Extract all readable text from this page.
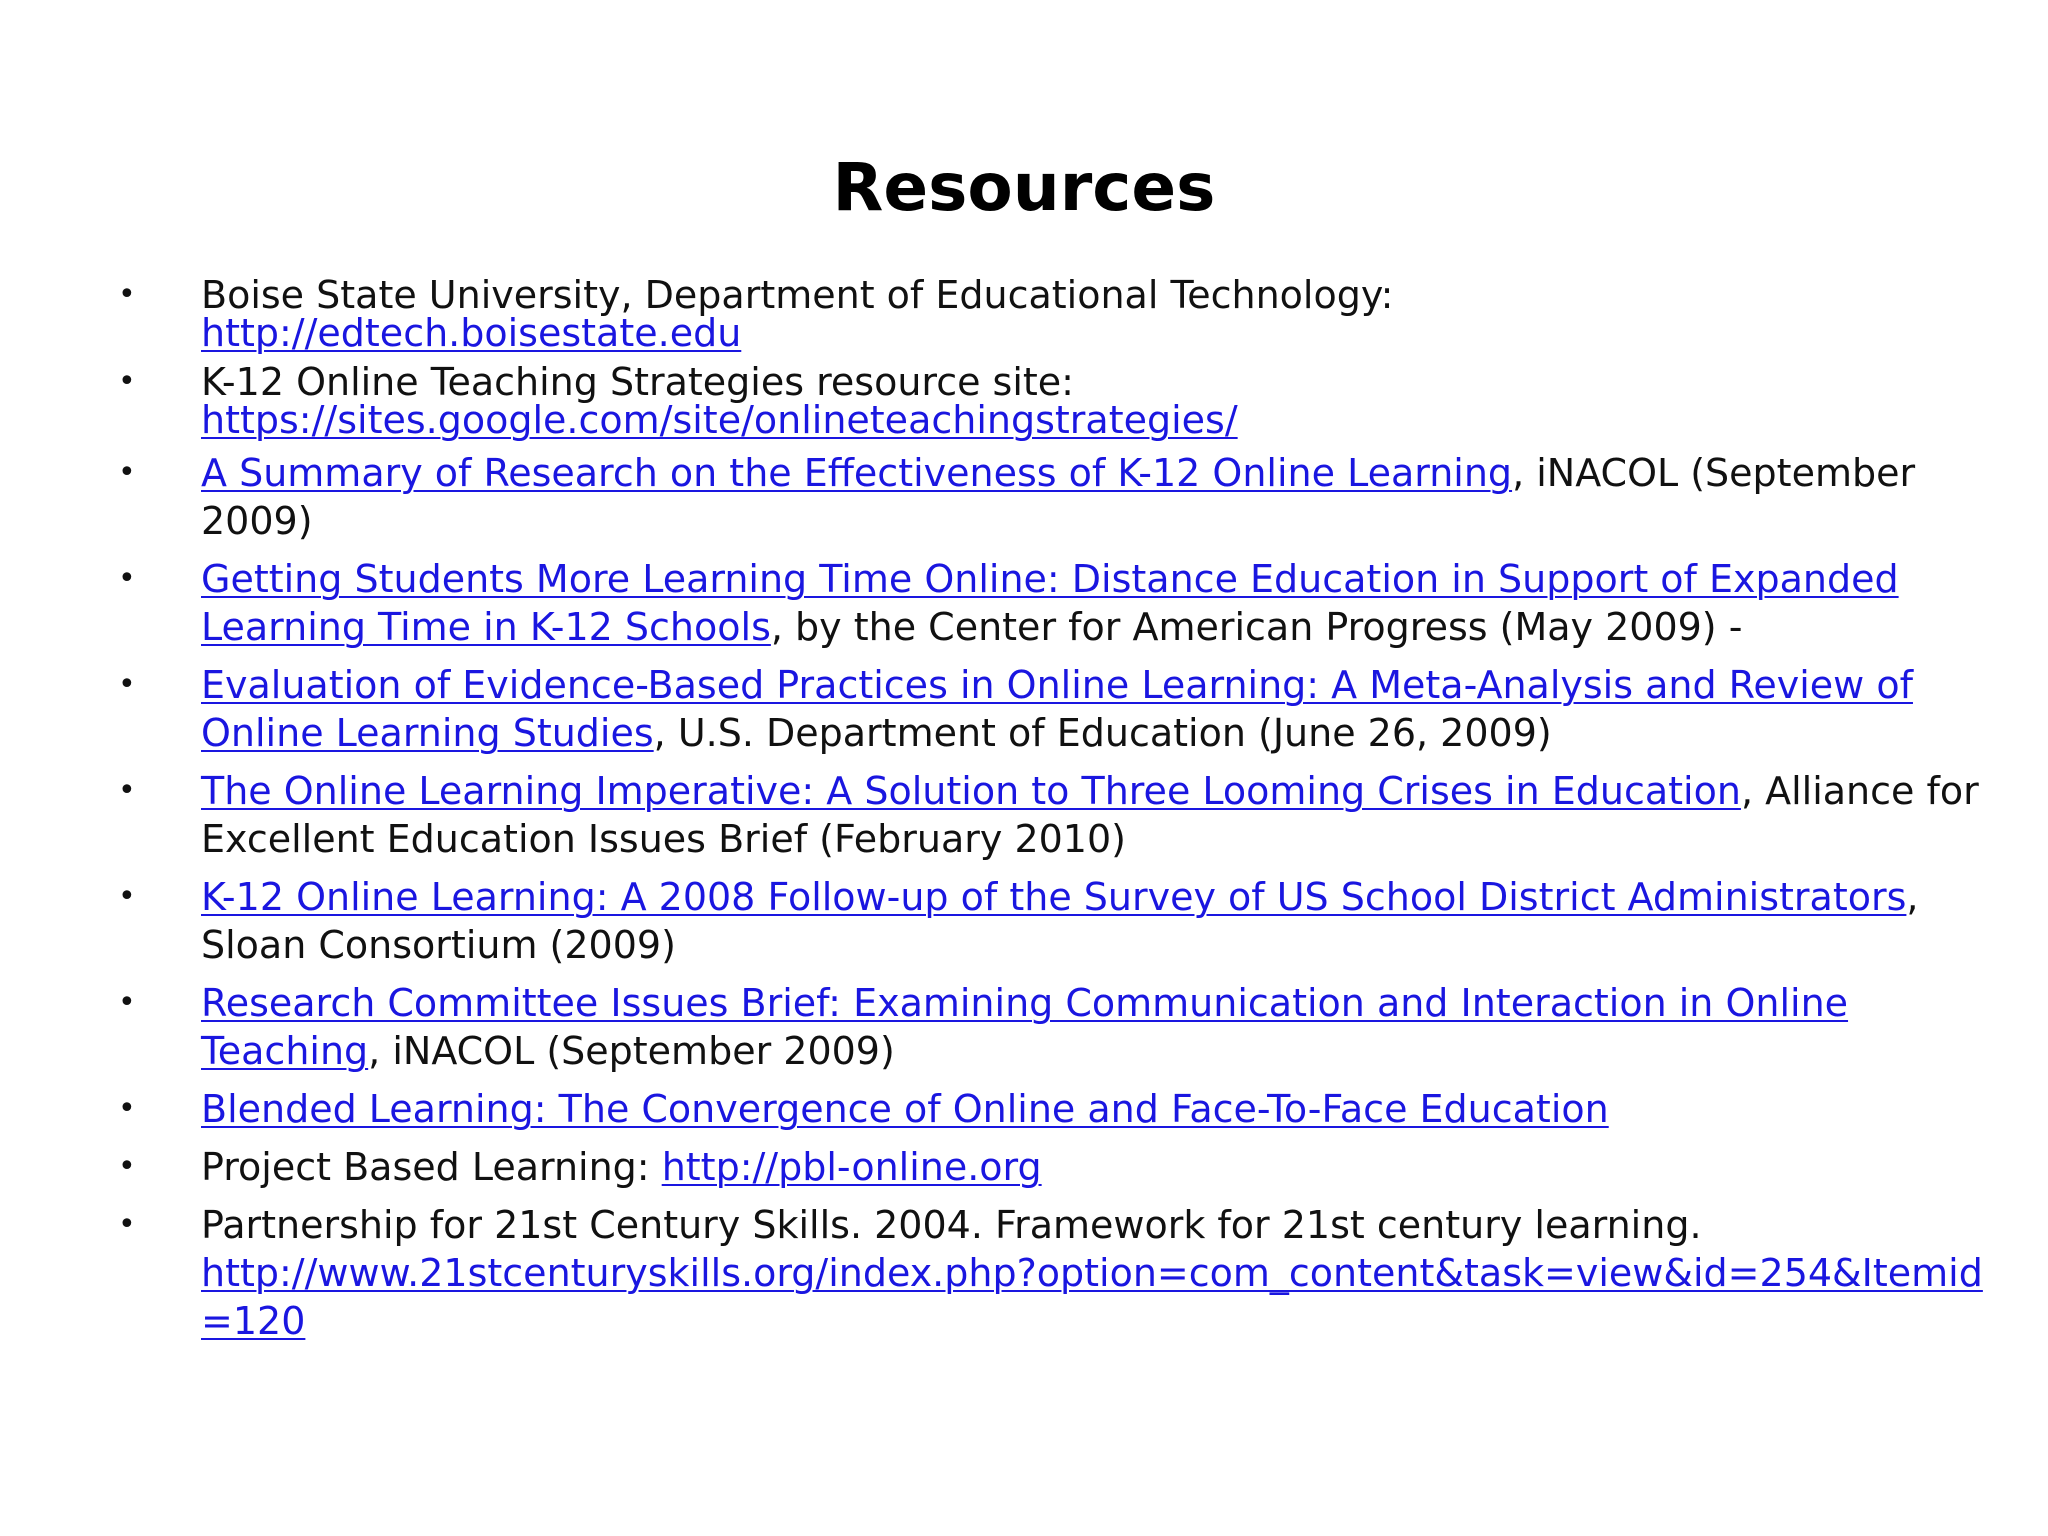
Resources
•	Boise State University, Department of Educational Technology:
http://edtech.boisestate.edu
•	K-12 Online Teaching Strategies resource site:
https://sites.google.com/site/onlineteachingstrategies/
•	A Summary of Research on the Effectiveness of K-12 Online Learning, iNACOL (September 2009)
•	Getting Students More Learning Time Online: Distance Education in Support of Expanded Learning Time in K-12 Schools, by the Center for American Progress (May 2009) -
•	Evaluation of Evidence-Based Practices in Online Learning: A Meta-Analysis and Review of Online Learning Studies, U.S. Department of Education (June 26, 2009)
•	The Online Learning Imperative: A Solution to Three Looming Crises in Education, Alliance for Excellent Education Issues Brief (February 2010)
•	K-12 Online Learning: A 2008 Follow-up of the Survey of US School District Administrators, Sloan Consortium (2009)
•	Research Committee Issues Brief: Examining Communication and Interaction in Online Teaching, iNACOL (September 2009)
•	Blended Learning: The Convergence of Online and Face-To-Face Education
•	Project Based Learning: http://pbl-online.org
•	Partnership for 21st Century Skills. 2004. Framework for 21st century learning.
http://www.21stcenturyskills.org/index.php?option=com_content&task=view&id=254&Itemid=120
